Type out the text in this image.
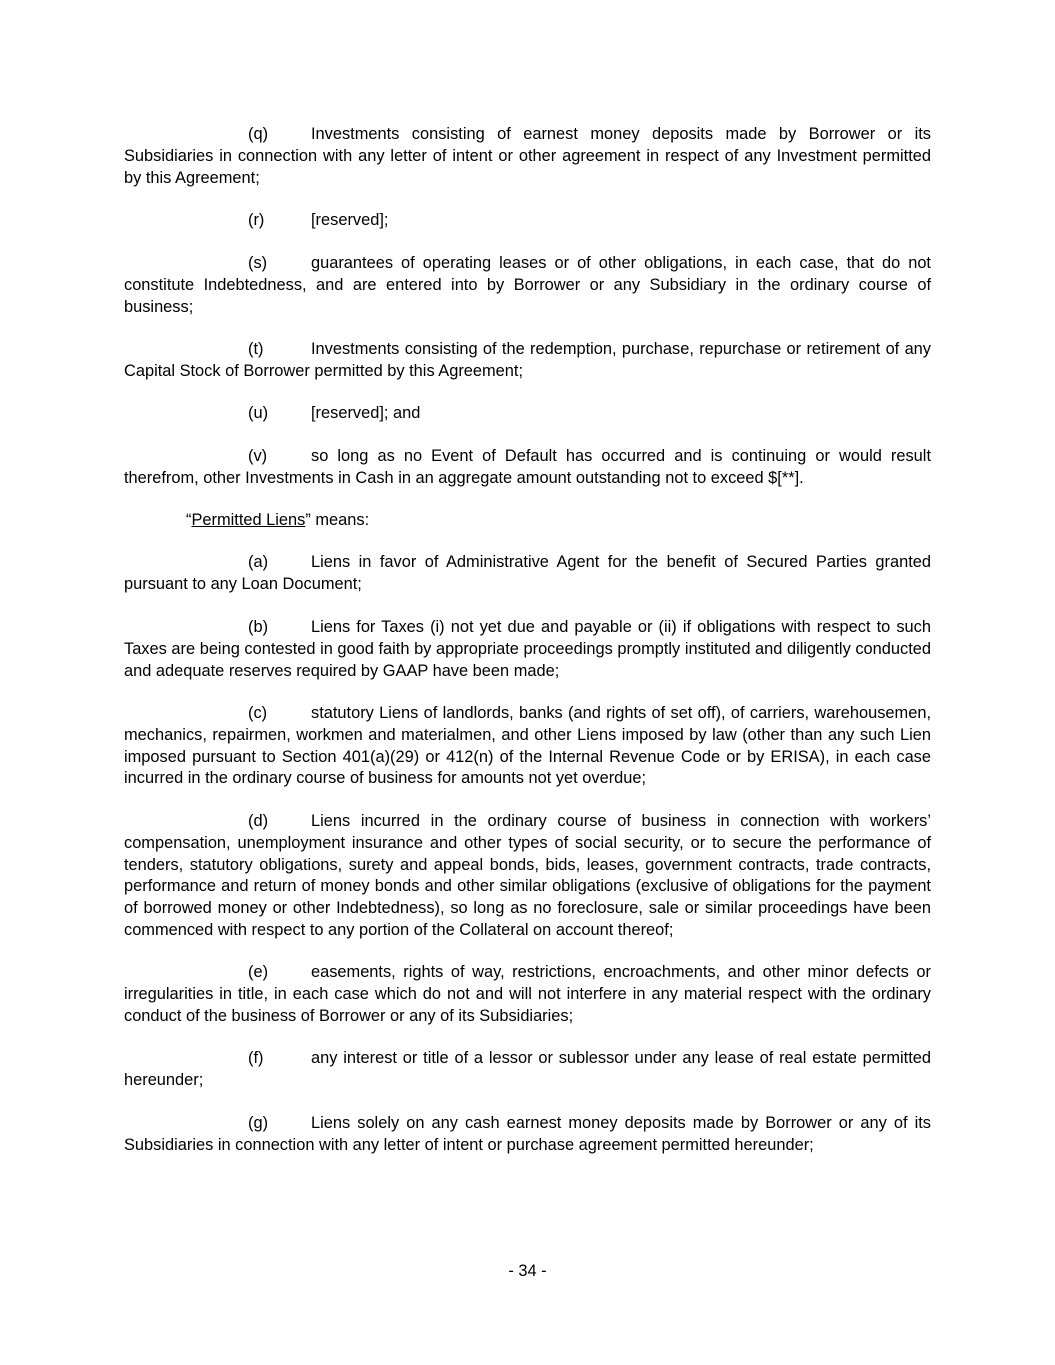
(q)	Investments consisting of earnest money deposits made by Borrower or its Subsidiaries in connection with any letter of intent or other agreement in respect of any Investment permitted by this Agreement;
(r)	[reserved];
(s)	guarantees of operating leases or of other obligations, in each case, that do not constitute Indebtedness, and are entered into by Borrower or any Subsidiary in the ordinary course of business;
(t)	Investments consisting of the redemption, purchase, repurchase or retirement of any Capital Stock of Borrower permitted by this Agreement;
(u)	[reserved]; and
(v)	so long as no Event of Default has occurred and is continuing or would result therefrom, other Investments in Cash in an aggregate amount outstanding not to exceed $[**].

“Permitted Liens” means:

(a)	Liens in favor of Administrative Agent for the benefit of Secured Parties granted pursuant to any Loan Document;
(b)	Liens for Taxes (i) not yet due and payable or (ii) if obligations with respect to such Taxes are being contested in good faith by appropriate proceedings promptly instituted and diligently conducted and adequate reserves required by GAAP have been made;
(c)	statutory Liens of landlords, banks (and rights of set off), of carriers, warehousemen, mechanics, repairmen, workmen and materialmen, and other Liens imposed by law (other than any such Lien imposed pursuant to Section 401(a)(29) or 412(n) of the Internal Revenue Code or by ERISA), in each case incurred in the ordinary course of business for amounts not yet overdue;
(d)	Liens incurred in the ordinary course of business in connection with workers’ compensation, unemployment insurance and other types of social security, or to secure the performance of tenders, statutory obligations, surety and appeal bonds, bids, leases, government contracts, trade contracts, performance and return of money bonds and other similar obligations (exclusive of obligations for the payment of borrowed money or other Indebtedness), so long as no foreclosure, sale or similar proceedings have been commenced with respect to any portion of the Collateral on account thereof;
(e)	easements, rights of way, restrictions, encroachments, and other minor defects or irregularities in title, in each case which do not and will not interfere in any material respect with the ordinary conduct of the business of Borrower or any of its Subsidiaries;
(f)	any interest or title of a lessor or sublessor under any lease of real estate permitted hereunder;
(g)	Liens solely on any cash earnest money deposits made by Borrower or any of its Subsidiaries in connection with any letter of intent or purchase agreement permitted hereunder;

- 34 -
